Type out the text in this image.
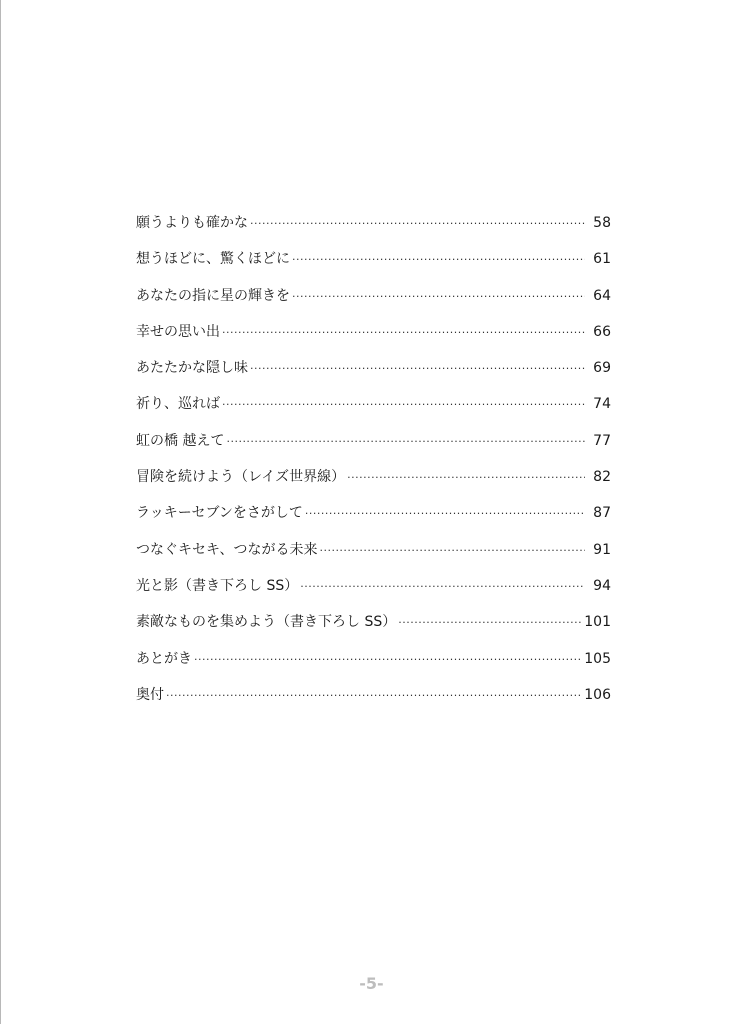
願うよりも確かな ·····	58
想うほどに、驚くほどに ·····	61
あなたの指に星の輝きを ·····	64
幸せの思い出 ·····	66
あたたかな隠し味 ·····	69
祈り、巡れば ·····	74
虹の橋 越えて ·····	77
冒険を続けよう（レイズ世界線） ·····	82
ラッキーセブンをさがして ·····	87
つなぐキセキ、つながる未来 ·····	91
光と影（書き下ろし SS） ·····	94
素敵なものを集めよう（書き下ろし SS） ·····	101
あとがき ·····	105
奥付 ·····	106
-5-
